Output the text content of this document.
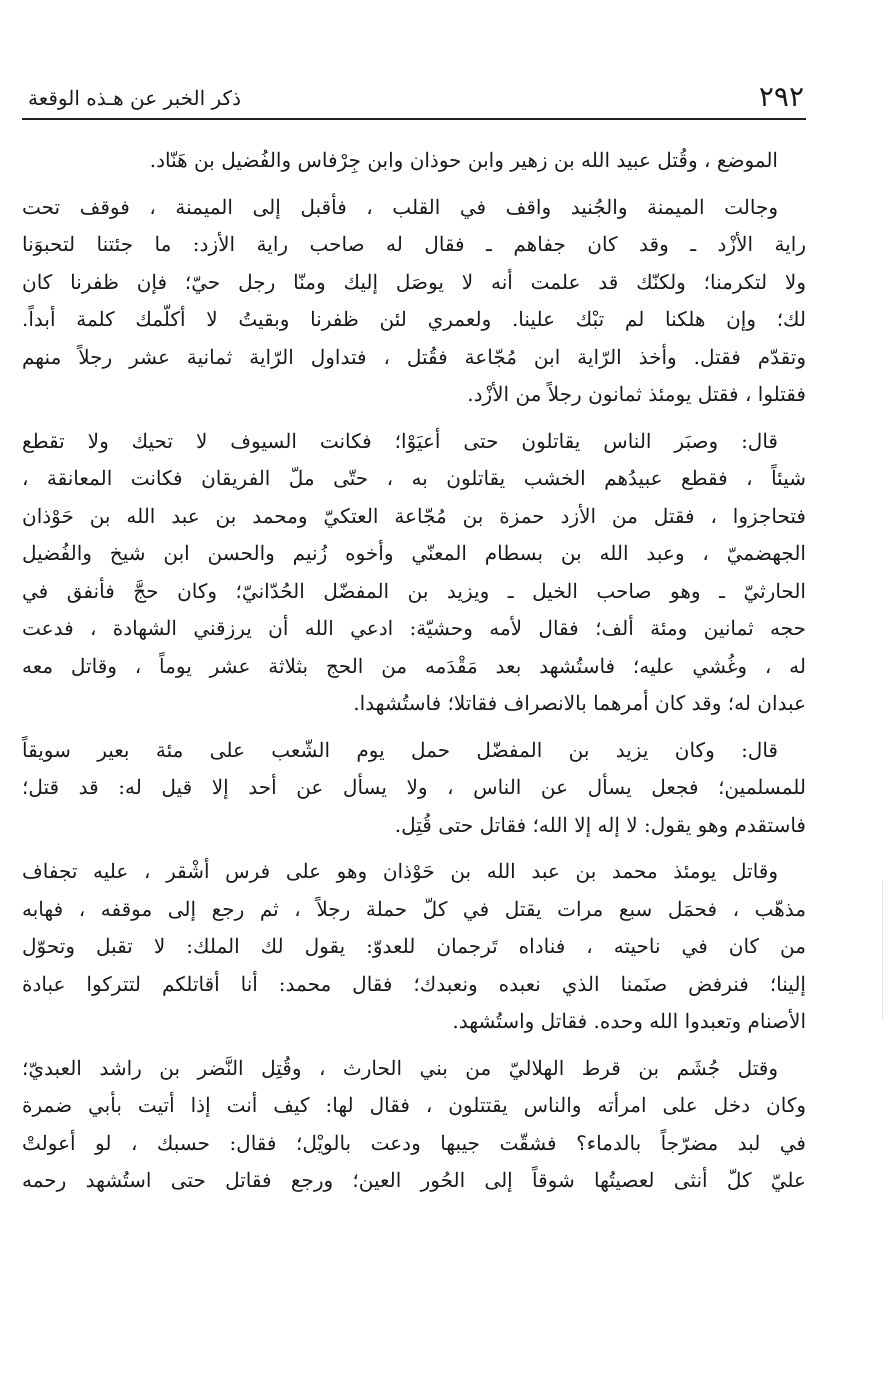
٢٩٢
ذكر الخبر عن هـذه الوقعة
الموضع ، وقُتل عبيد الله بن زهير وابن حوذان وابن جِرْفاس والفُضيل بن هَنّاد.
وجالت الميمنة والجُنيد واقف في القلب ، فأقبل إلى الميمنة ، فوقف تحت
راية الأزْد ـ وقد كان جفاهم ـ فقال له صاحب راية الأزد: ما جئتنا لتحبوَنا
ولا لتكرمنا؛ ولكنّك قد علمت أنه لا يوصَل إليك ومنّا رجل حيّ؛ فإن ظفرنا كان
لك؛ وإن هلكنا لم تبْك علينا. ولعمري لئن ظفرنا وبقيتُ لا أكلّمك كلمة أبداً.
وتقدّم فقتل. وأخذ الرّاية ابن مُجّاعة فقُتل ، فتداول الرّاية ثمانية عشر رجلاً منهم
فقتلوا ، فقتل يومئذ ثمانون رجلاً من الأزْد.
قال: وصبَر الناس يقاتلون حتى أعيَوْا؛ فكانت السيوف لا تحيك ولا تقطع
شيئاً ، فقطع عبيدُهم الخشب يقاتلون به ، حتّى ملّ الفريقان فكانت المعانقة ،
فتحاجزوا ، فقتل من الأزد حمزة بن مُجّاعة العتكيّ ومحمد بن عبد الله بن حَوْذان
الجهضميّ ، وعبد الله بن بسطام المعنّي وأخوه زُنيم والحسن ابن شيخ والفُضيل
الحارثيّ ـ وهو صاحب الخيل ـ ويزيد بن المفضّل الحُدّانيّ؛ وكان حجَّ فأنفق في
حجه ثمانين ومئة ألف؛ فقال لأمه وحشيّة: ادعي الله أن يرزقني الشهادة ، فدعت
له ، وغُشي عليه؛ فاستُشهد بعد مَقْدَمه من الحج بثلاثة عشر يوماً ، وقاتل معه
عبدان له؛ وقد كان أمرهما بالانصراف فقاتلا؛ فاستُشهدا.
قال: وكان يزيد بن المفضّل حمل يوم الشّعب على مئة بعير سويقاً
للمسلمين؛ فجعل يسأل عن الناس ، ولا يسأل عن أحد إلا قيل له: قد قتل؛
فاستقدم وهو يقول: لا إله إلا الله؛ فقاتل حتى قُتِل.
وقاتل يومئذ محمد بن عبد الله بن حَوْذان وهو على فرس أشْقر ، عليه تجفاف
مذهّب ، فحمَل سبع مرات يقتل في كلّ حملة رجلاً ، ثم رجع إلى موقفه ، فهابه
من كان في ناحيته ، فناداه تَرجمان للعدوّ: يقول لك الملك: لا تقبل وتحوّل
إلينا؛ فنرفض صنَمنا الذي نعبده ونعبدك؛ فقال محمد: أنا أقاتلكم لتتركوا عبادة
الأصنام وتعبدوا الله وحده. فقاتل واستُشهد.
وقتل جُشَم بن قرط الهلاليّ من بني الحارث ، وقُتِل النَّضر بن راشد العبديّ؛
وكان دخل على امرأته والناس يقتتلون ، فقال لها: كيف أنت إذا أتيت بأبي ضمرة
في لبد مضرّجاً بالدماء؟ فشقّت جيبها ودعت بالويْل؛ فقال: حسبك ، لو أعولتْ
عليّ كلّ أنثى لعصيتُها شوقاً إلى الحُور العين؛ ورجع فقاتل حتى استُشهد رحمه
